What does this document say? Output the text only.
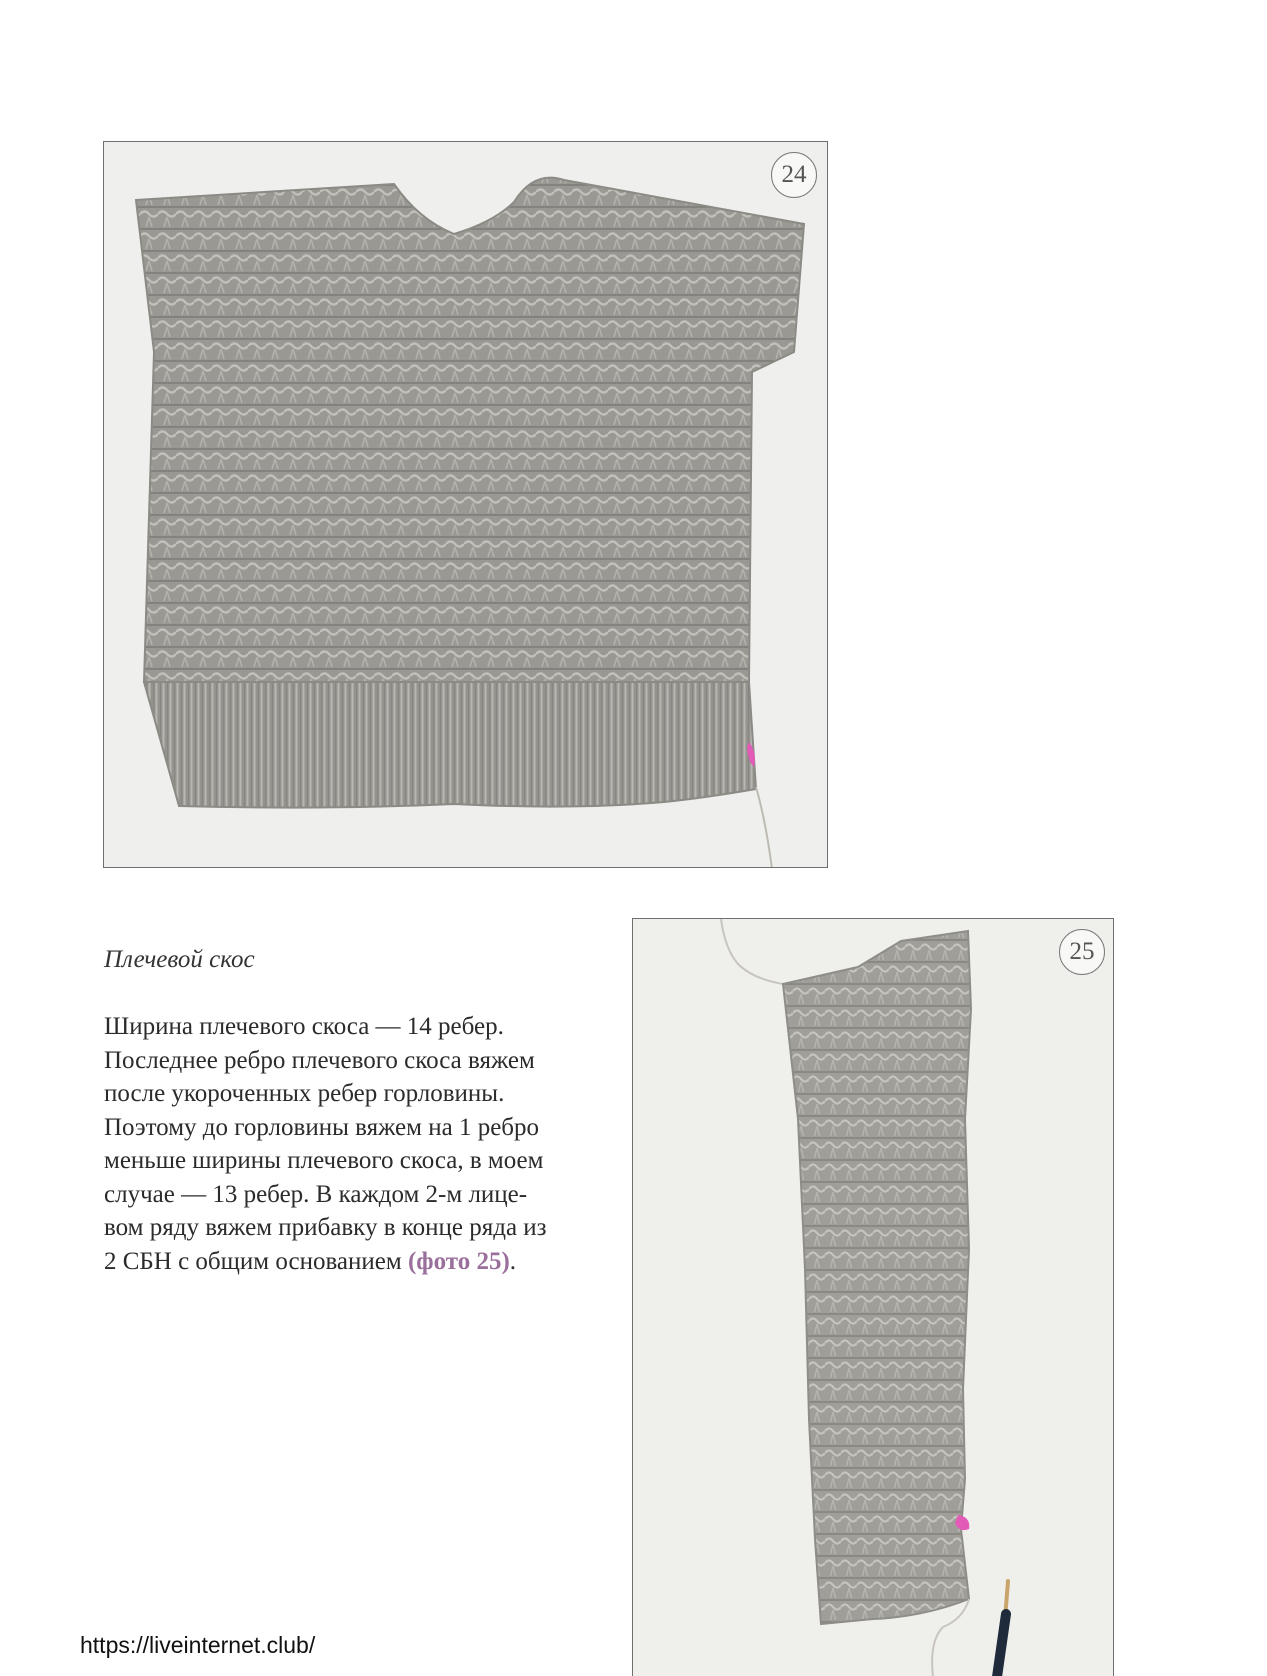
24
Плечевой скос

Ширина плечевого скоса — 14 ребер.
Последнее ребро плечевого скоса вяжем
после укороченных ребер горловины.
Поэтому до горловины вяжем на 1 ребро
меньше ширины плечевого скоса, в моем
случае — 13 ребер. В каждом 2-м лице-
вом ряду вяжем прибавку в конце ряда из
2 СБН с общим основанием (фото 25).

25
https://liveinternet.club/
